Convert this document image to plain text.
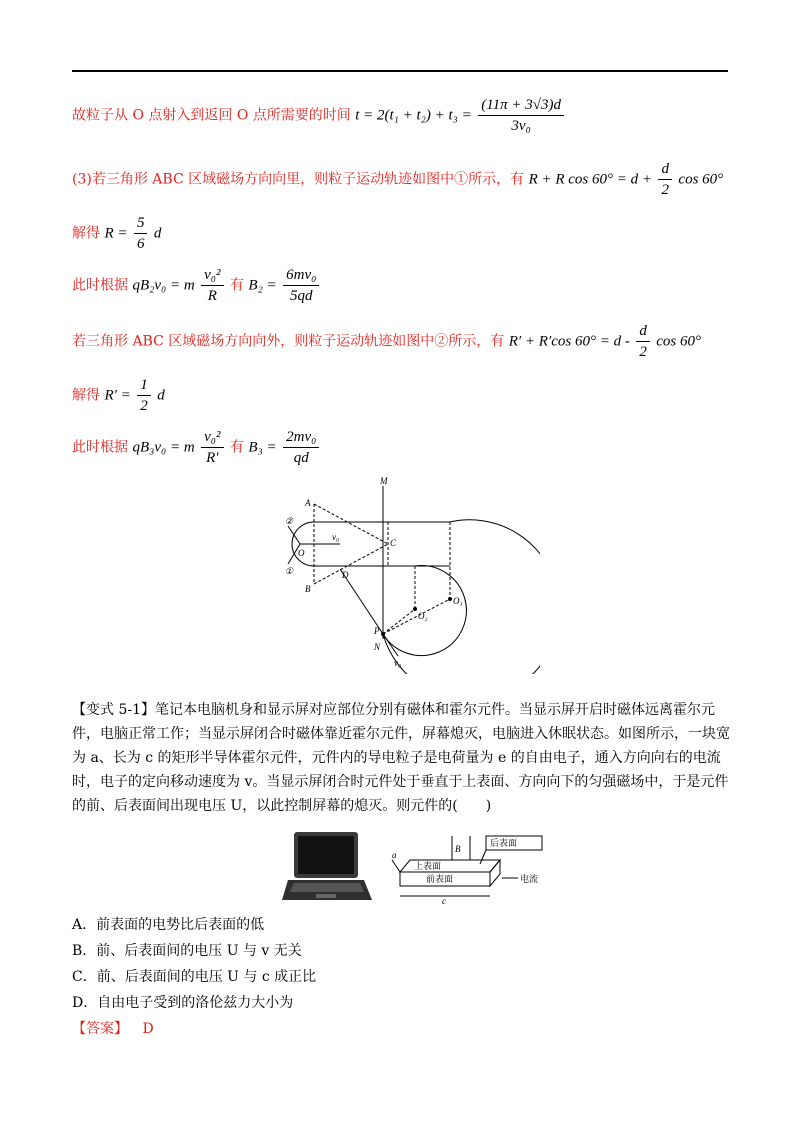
故粒子从 O 点射入到返回 O 点所需要的时间 $t = 2(t_1 + t_2) + t_3 = \frac{(11\pi + 3√3)d}{\text{3v₀}}$
(3)若三角形 ABC 区域磁场方向向里，则粒子运动轨迹如图中①所示，有 R + R $\cos 60^\circ = d + \frac{d}{2}$ cos 60°
解得 $R = \frac{5}{6}$ d
此时根据 qB₂v₀ = m $\frac{\text{v₀²}}{R}$ 有 $B_2 = \frac{\text{6mv₀}}{5qd}$
若三角形 ABC 区域磁场方向向外，则粒子运动轨迹如图中②所示，有 R′ + R′cos $60^\circ = d - \frac{d}{2}$ cos 60°
解得 $R' = \frac{1}{2}$ d
此时根据 qB₃v₀ = m $\frac{\text{v₀²}}{R'}$ 有 $B_3 = \frac{\text{2mv₀}}{qd}$
M
A
②
O
v₀
C
①	D
B
O₂
O₁
P
N
v₀
【变式 5-1】笔记本电脑机身和显示屏对应部位分别有磁体和霍尔元件。当显示屏开启时磁体远离霍尔元件，电脑正常工作；当显示屏闭合时磁体靠近霍尔元件，屏幕熄灭，电脑进入休眠状态。如图所示，一块宽为 a、长为 c 的矩形半导体霍尔元件，元件内的导电粒子是电荷量为 e 的自由电子，通入方向向右的电流时，电子的定向移动速度为 v。当显示屏闭合时元件处于垂直于上表面、方向向下的匀强磁场中，于是元件的前、后表面间出现电压 U，以此控制屏幕的熄灭。则元件的(　　)
a
B
后表面
上表面
前表面	电流
c
A．前表面的电势比后表面的低
B．前、后表面间的电压 U 与 v 无关
C．前、后表面间的电压 U 与 c 成正比
D．自由电子受到的洛伦兹力大小为
【答案】 D
